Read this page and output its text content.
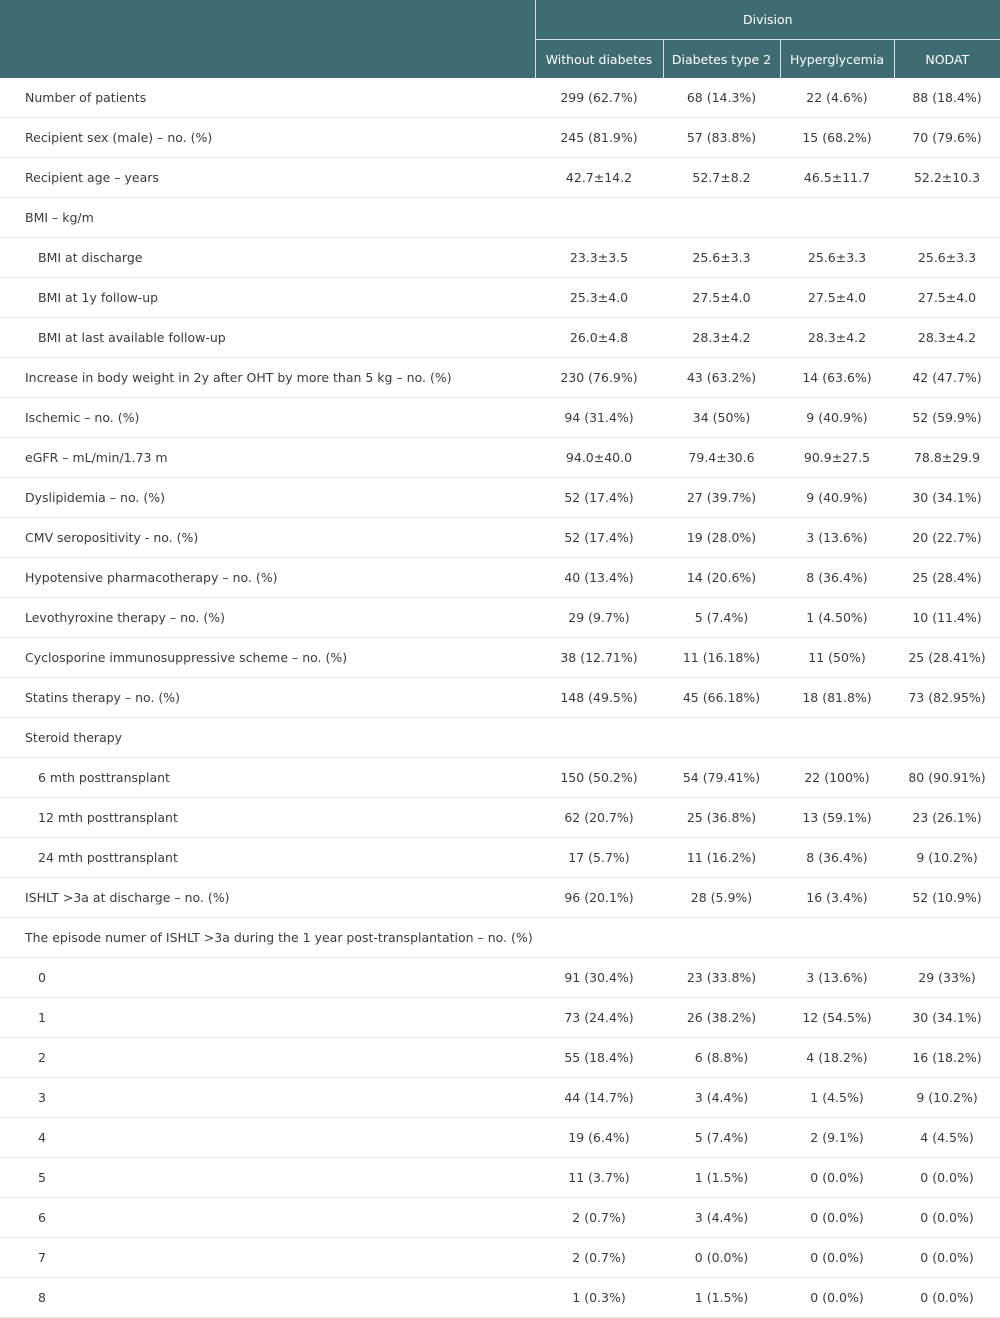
	Division			
	Without diabetes	Diabetes type 2	Hyperglycemia	NODAT
Number of patients	299 (62.7%)	68 (14.3%)	22 (4.6%)	88 (18.4%)
Recipient sex (male) – no. (%)	245 (81.9%)	57 (83.8%)	15 (68.2%)	70 (79.6%)
Recipient age – years	42.7±14.2	52.7±8.2	46.5±11.7	52.2±10.3
BMI – kg/m				
BMI at discharge	23.3±3.5	25.6±3.3	25.6±3.3	25.6±3.3
BMI at 1y follow-up	25.3±4.0	27.5±4.0	27.5±4.0	27.5±4.0
BMI at last available follow-up	26.0±4.8	28.3±4.2	28.3±4.2	28.3±4.2
Increase in body weight in 2y after OHT by more than 5 kg – no. (%)	230 (76.9%)	43 (63.2%)	14 (63.6%)	42 (47.7%)
Ischemic – no. (%)	94 (31.4%)	34 (50%)	9 (40.9%)	52 (59.9%)
eGFR – mL/min/1.73 m	94.0±40.0	79.4±30.6	90.9±27.5	78.8±29.9
Dyslipidemia – no. (%)	52 (17.4%)	27 (39.7%)	9 (40.9%)	30 (34.1%)
CMV seropositivity - no. (%)	52 (17.4%)	19 (28.0%)	3 (13.6%)	20 (22.7%)
Hypotensive pharmacotherapy – no. (%)	40 (13.4%)	14 (20.6%)	8 (36.4%)	25 (28.4%)
Levothyroxine therapy – no. (%)	29 (9.7%)	5 (7.4%)	1 (4.50%)	10 (11.4%)
Cyclosporine immunosuppressive scheme – no. (%)	38 (12.71%)	11 (16.18%)	11 (50%)	25 (28.41%)
Statins therapy – no. (%)	148 (49.5%)	45 (66.18%)	18 (81.8%)	73 (82.95%)
Steroid therapy				
6 mth posttransplant	150 (50.2%)	54 (79.41%)	22 (100%)	80 (90.91%)
12 mth posttransplant	62 (20.7%)	25 (36.8%)	13 (59.1%)	23 (26.1%)
24 mth posttransplant	17 (5.7%)	11 (16.2%)	8 (36.4%)	9 (10.2%)
ISHLT >3a at discharge – no. (%)	96 (20.1%)	28 (5.9%)	16 (3.4%)	52 (10.9%)
The episode numer of ISHLT >3a during the 1 year post-transplantation – no. (%)				
0	91 (30.4%)	23 (33.8%)	3 (13.6%)	29 (33%)
1	73 (24.4%)	26 (38.2%)	12 (54.5%)	30 (34.1%)
2	55 (18.4%)	6 (8.8%)	4 (18.2%)	16 (18.2%)
3	44 (14.7%)	3 (4.4%)	1 (4.5%)	9 (10.2%)
4	19 (6.4%)	5 (7.4%)	2 (9.1%)	4 (4.5%)
5	11 (3.7%)	1 (1.5%)	0 (0.0%)	0 (0.0%)
6	2 (0.7%)	3 (4.4%)	0 (0.0%)	0 (0.0%)
7	2 (0.7%)	0 (0.0%)	0 (0.0%)	0 (0.0%)
8	1 (0.3%)	1 (1.5%)	0 (0.0%)	0 (0.0%)
